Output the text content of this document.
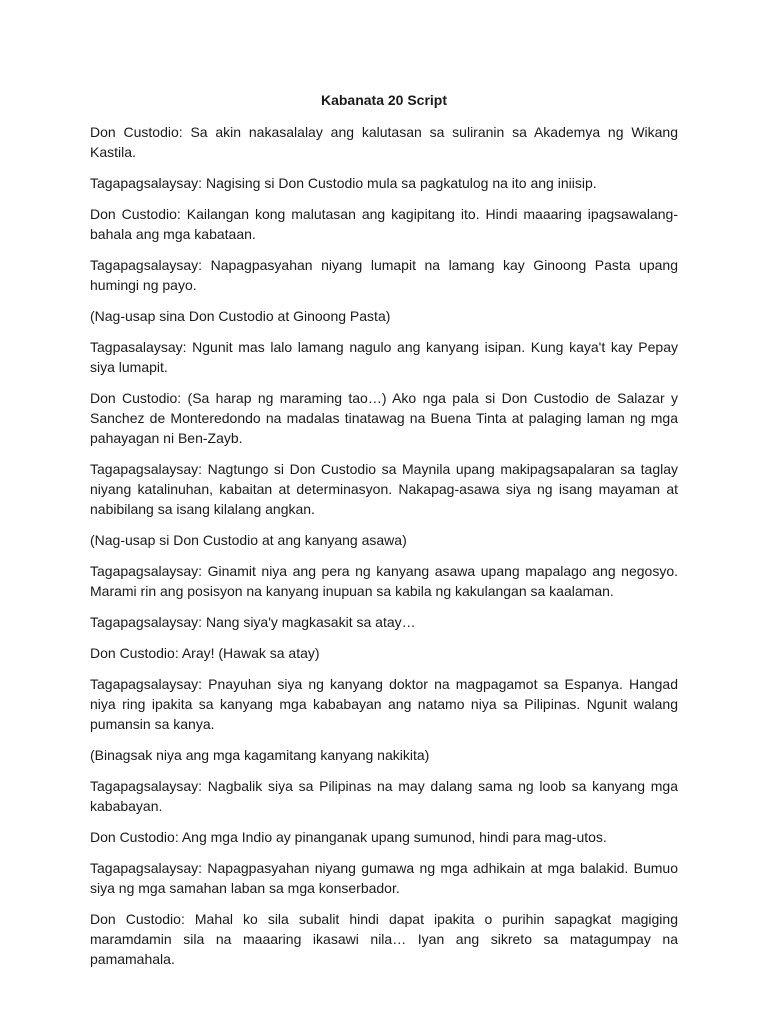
Kabanata 20 Script
Don Custodio: Sa akin nakasalalay ang kalutasan sa suliranin sa Akademya ng Wikang Kastila.
Tagapagsalaysay: Nagising si Don Custodio mula sa pagkatulog na ito ang iniisip.
Don Custodio: Kailangan kong malutasan ang kagipitang ito. Hindi maaaring ipagsawalang-bahala ang mga kabataan.
Tagapagsalaysay: Napagpasyahan niyang lumapit na lamang kay Ginoong Pasta upang humingi ng payo.
(Nag-usap sina Don Custodio at Ginoong Pasta)
Tagpasalaysay: Ngunit mas lalo lamang nagulo ang kanyang isipan. Kung kaya't kay Pepay siya lumapit.
Don Custodio: (Sa harap ng maraming tao…) Ako nga pala si Don Custodio de Salazar y Sanchez de Monteredondo na madalas tinatawag na Buena Tinta at palaging laman ng mga pahayagan ni Ben-Zayb.
Tagapagsalaysay: Nagtungo si Don Custodio sa Maynila upang makipagsapalaran sa taglay niyang katalinuhan, kabaitan at determinasyon. Nakapag-asawa siya ng isang mayaman at nabibilang sa isang kilalang angkan.
(Nag-usap si Don Custodio at ang kanyang asawa)
Tagapagsalaysay: Ginamit niya ang pera ng kanyang asawa upang mapalago ang negosyo. Marami rin ang posisyon na kanyang inupuan sa kabila ng kakulangan sa kaalaman.
Tagapagsalaysay: Nang siya'y magkasakit sa atay…
Don Custodio: Aray! (Hawak sa atay)
Tagapagsalaysay: Pnayuhan siya ng kanyang doktor na magpagamot sa Espanya. Hangad niya ring ipakita sa kanyang mga kababayan ang natamo niya sa Pilipinas. Ngunit walang pumansin sa kanya.
(Binagsak niya ang mga kagamitang kanyang nakikita)
Tagapagsalaysay: Nagbalik siya sa Pilipinas na may dalang sama ng loob sa kanyang mga kababayan.
Don Custodio: Ang mga Indio ay pinanganak upang sumunod, hindi para mag-utos.
Tagapagsalaysay: Napagpasyahan niyang gumawa ng mga adhikain at mga balakid. Bumuo siya ng mga samahan laban sa mga konserbador.
Don Custodio: Mahal ko sila subalit hindi dapat ipakita o purihin sapagkat magiging maramdamin sila na maaaring ikasawi nila… Iyan ang sikreto sa matagumpay na pamamahala.
